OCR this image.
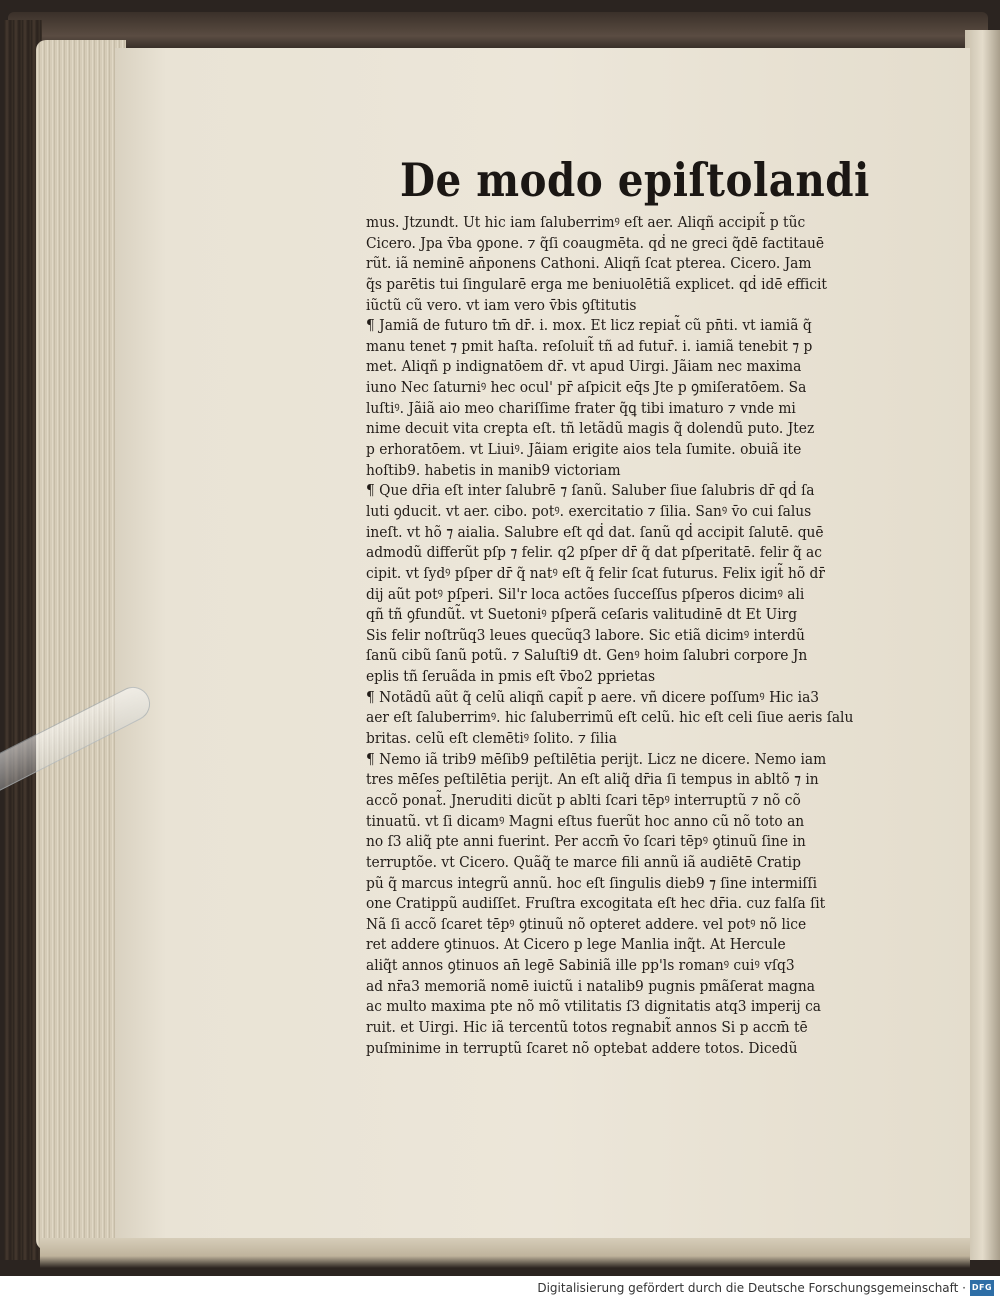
De modo epiſtolandi
mus. Jtzundt. Ut hic iam ſaluberrimꝰ eſt aer. Aliqñ accipit̃ p tũc
Cicero. Jpa v̄ba ꝯpone. ⁊ q̃ſi coaugmēta. qḋ ne greci q̃dē factitauē
rũt. iã neminē an̄ponens Cathoni. Aliqñ ſcat pterea. Cicero. Jam
q̃s parētis tui ſingularē erga me beniuolētiã explicet. qḋ idē efficit
iũctũ cũ vero. vt iam vero v̄bis ꝯſtitutis
¶ Jamiã de futuro tm̄ dr̄. i. mox. Et licz repiat̃ cũ pn̄ti. vt iamiã q̃
manu tenet ⁊ pmit haſta. reſoluit̃ tñ ad futur̄. i. iamiã tenebit ⁊ p
met. Aliqñ p indignatōem dr̄. vt apud Uirgi. Jãiam nec maxima
iuno Nec ſaturniꝰ hec ocul' pr̄ aſpicit eq̄s Jte p ꝯmiſeratōem. Sa
luſtiꝰ. Jãiã aio meo chariſſime frater q̃ꝗ tibi imaturo ⁊ vnde mi
nime decuit vita crepta eſt. tñ letãdũ magis q̃ dolendũ puto. Jtez
p erhoratōem. vt Liuiꝰ. Jãiam erigite aios tela ſumite. obuiã ite
hoſtib9. habetis in manib9 victoriam
¶ Que dr̄ia eſt inter ſalubrē ⁊ ſanũ. Saluber ſiue ſalubris dr̄ qḋ ſa
luti ꝯducit. vt aer. cibo. potꝰ. exercitatio ⁊ ſilia. Sanꝰ v̄o cui ſalus
ineſt. vt hõ ⁊ aialia. Salubre eſt qḋ dat. ſanũ qḋ accipit ſalutē. quē
admodũ differũt pſp ⁊ felir. q2 pſper dr̄ q̃ dat pſperitatē. felir q̃ ac
cipit. vt ſydꝰ pſper dr̄ q̃ natꝰ eſt q̃ felir ſcat futurus. Felix igit̃ hõ dr̄
dij aũt potꝰ pſperi. Sil'r loca actões ſucceſſus pſperos dicimꝰ ali
qñ tñ ꝯfundũt̃. vt Suetoniꝰ pſperã ceſaris valitudinē dt Et Uirg
Sis felir noſtrũq3 leues quecũq3 labore. Sic etiã dicimꝰ interdũ
ſanũ cibũ ſanũ potũ. ⁊ Saluſti9 dt. Genꝰ hoim ſalubri corpore Jn
eplis tñ ſeruãda in pmis eſt v̄bo2 pprietas
¶ Notãdũ aũt q̃ celũ aliqñ capit̃ p aere. vñ dicere poſſumꝰ Hic ia3
aer eſt ſaluberrimꝰ. hic ſaluberrimũ eſt celũ. hic eſt celi ſiue aeris ſalu
britas. celũ eſt clemētiꝰ ſolito. ⁊ ſilia
¶ Nemo iã trib9 mēſib9 peſtilētia perijt. Licz ne dicere. Nemo iam
tres mēſes peſtilētia perijt. An eſt aliq̃ dr̄ia ſi tempus in abltõ ⁊ in
accõ ponat̃. Jneruditi dicũt p ablti ſcari tēpꝰ interruptũ ⁊ nõ cõ
tinuatũ. vt ſi dicamꝰ Magni eſtus fuerũt hoc anno cũ nõ toto an
no ſ3 aliq̃ pte anni fuerint. Per accm̄ v̄o ſcari tēpꝰ ꝯtinuũ ſine in
terruptõe. vt Cicero. Quãq̃ te marce fili annũ iã audiētē Cratip
pũ q̃ marcus integrũ annũ. hoc eſt ſingulis dieb9 ⁊ ſine intermiſſi
one Cratippũ audiſſet. Fruſtra excogitata eſt hec dr̄ia. cuz falſa ſit
Nã ſi accõ ſcaret tēpꝰ ꝯtinuũ nõ opteret addere. vel potꝰ nõ lice
ret addere ꝯtinuos. At Cicero p lege Manlia inq̃t. At Hercule
aliq̃t annos ꝯtinuos an̄ legē Sabiniã ille pp'ls romanꝰ cuiꝰ vſq3
ad nr̄a3 memoriã nomē iuictũ i natalib9 pugnis pmãſerat magna
ac multo maxima pte nõ mõ vtilitatis ſ3 dignitatis atq3 imperij ca
ruit. et Uirgi. Hic iã tercentũ totos regnabit̃ annos Si p accm̄ tē
puſminime in terruptũ ſcaret nõ optebat addere totos. Dicedũ
Digitalisierung gefördert durch die Deutsche Forschungsgemeinschaft · DFG
